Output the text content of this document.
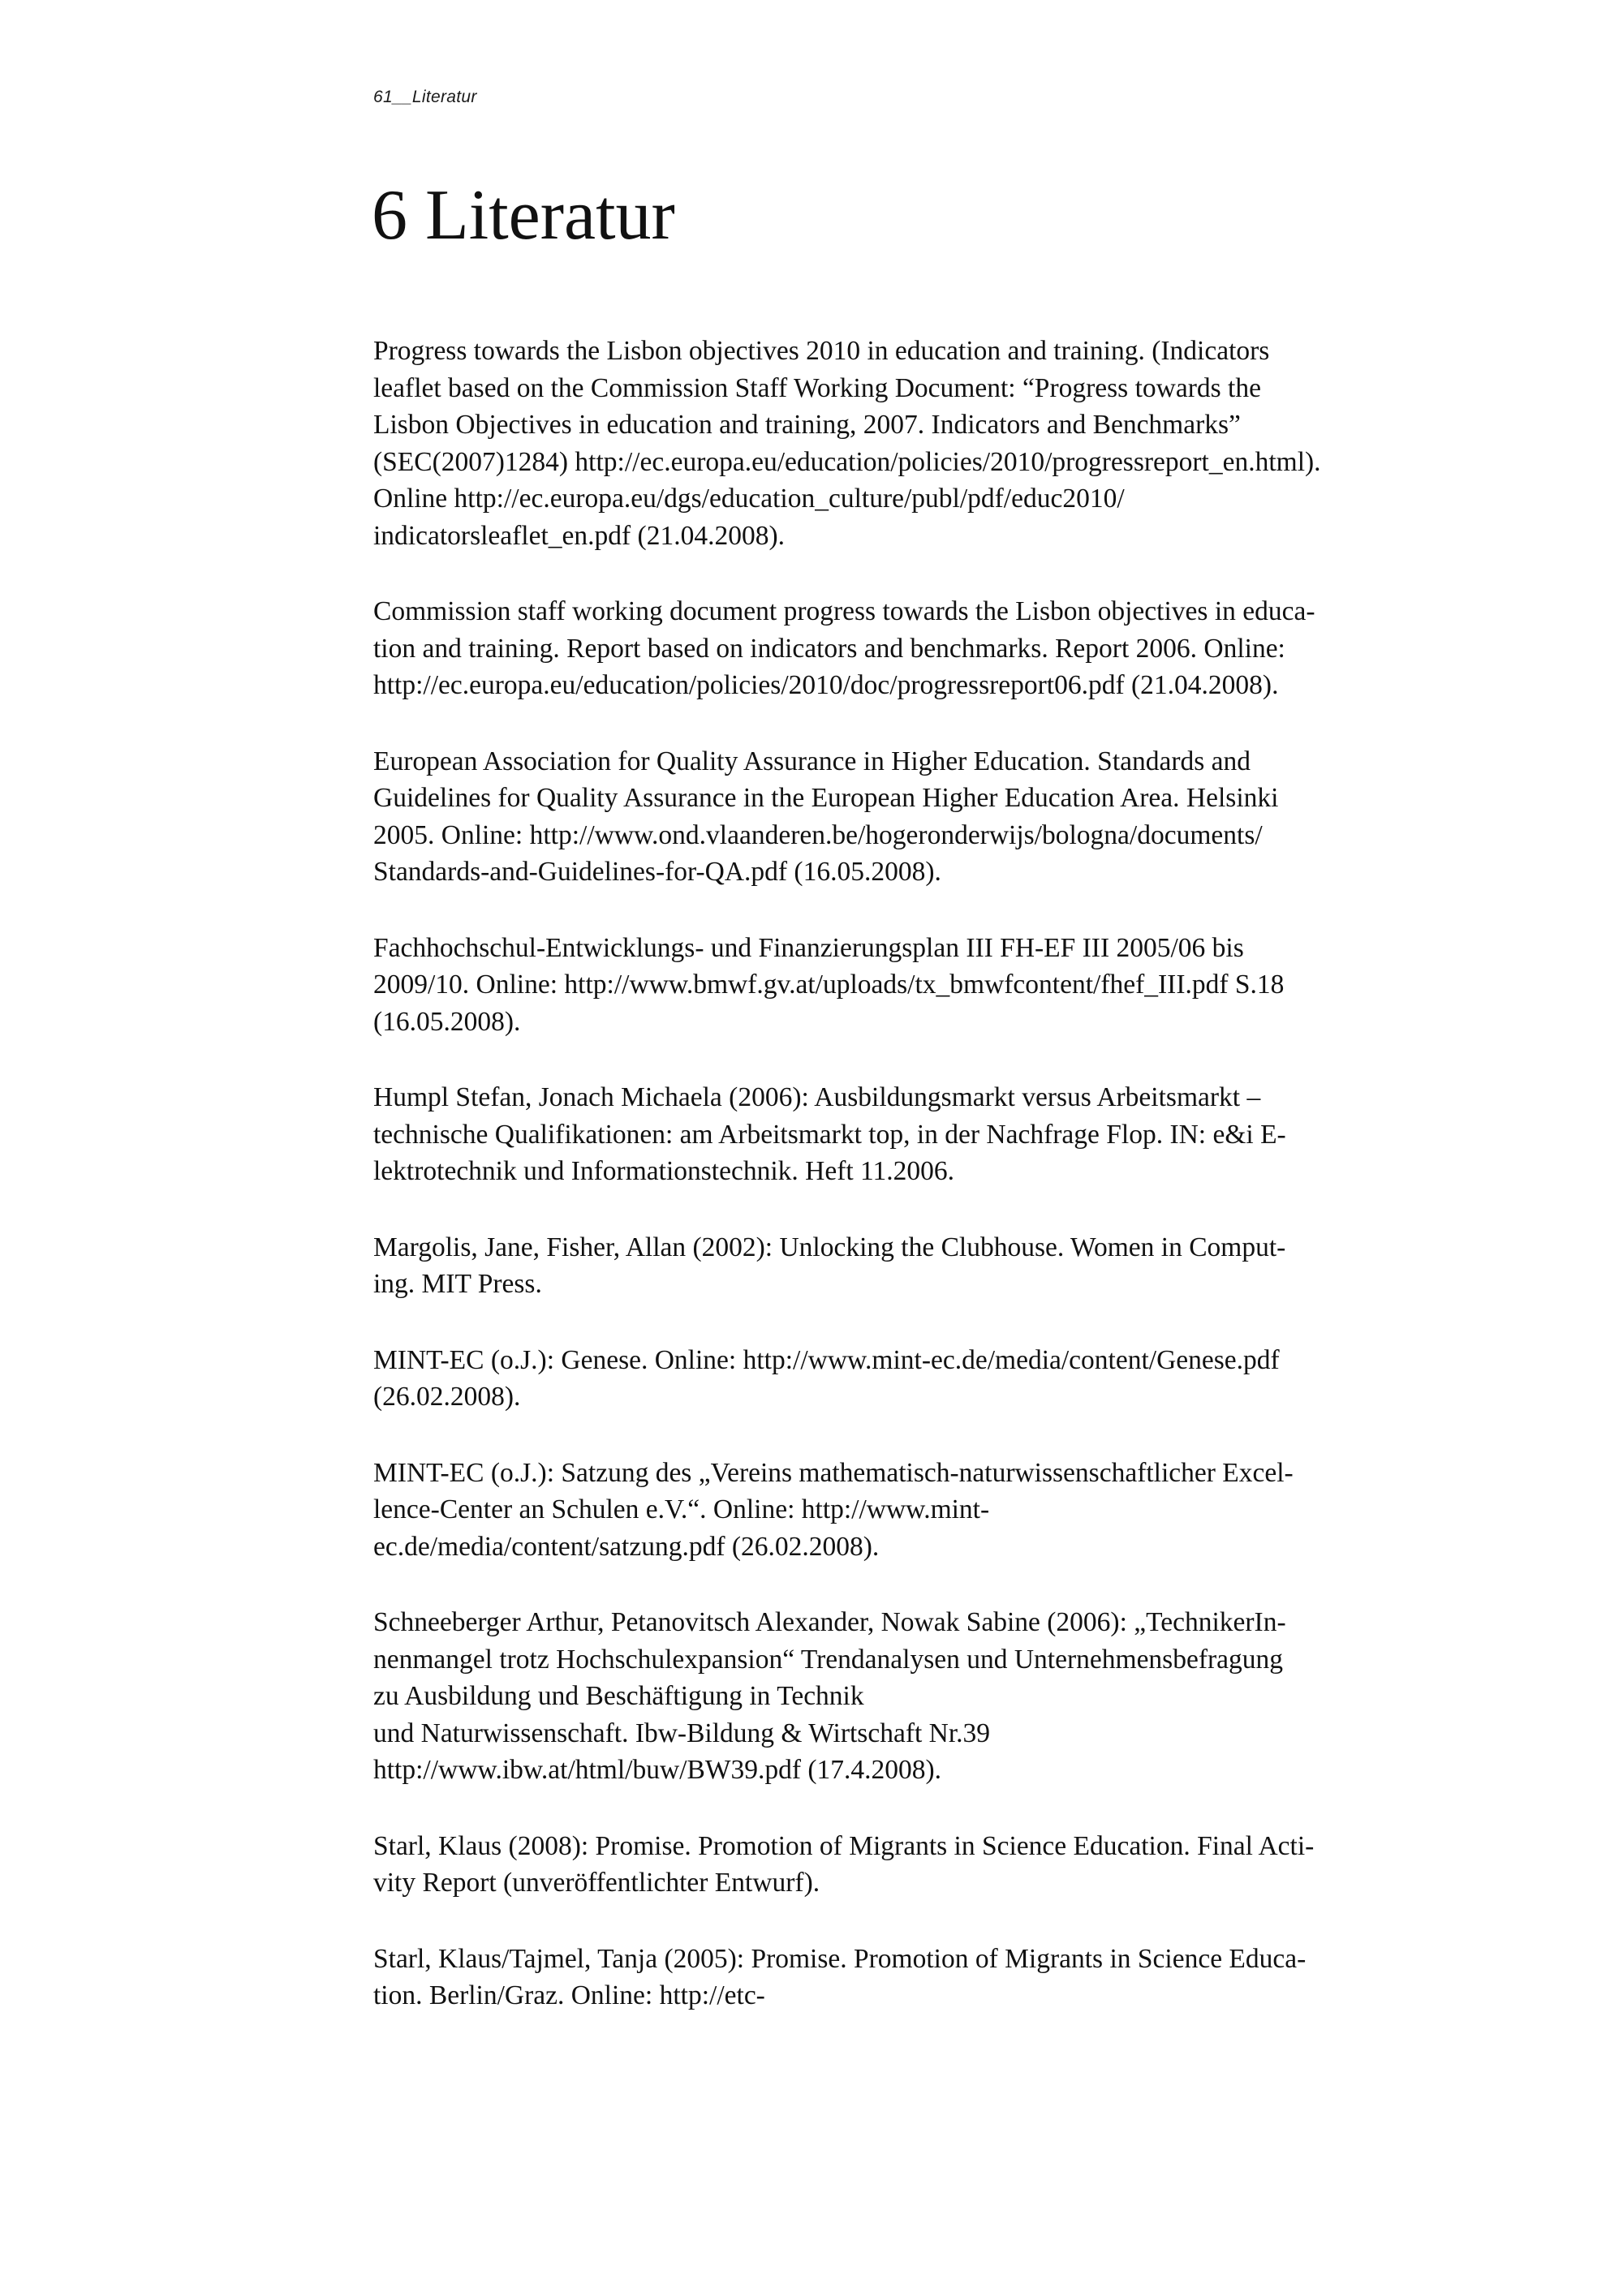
61__Literatur
6 Literatur
Progress towards the Lisbon objectives 2010 in education and training. (Indicators
leaflet based on the Commission Staff Working Document: “Progress towards the
Lisbon Objectives in education and training, 2007. Indicators and Benchmarks”
(SEC(2007)1284) http://ec.europa.eu/education/policies/2010/progressreport_en.html).
Online http://ec.europa.eu/dgs/education_culture/publ/pdf/educ2010/
indicatorsleaflet_en.pdf (21.04.2008).
Commission staff working document progress towards the Lisbon objectives in educa-
tion and training. Report based on indicators and benchmarks. Report 2006. Online:
http://ec.europa.eu/education/policies/2010/doc/progressreport06.pdf (21.04.2008).
European Association for Quality Assurance in Higher Education. Standards and
Guidelines for Quality Assurance in the European Higher Education Area. Helsinki
2005. Online: http://www.ond.vlaanderen.be/hogeronderwijs/bologna/documents/
Standards-and-Guidelines-for-QA.pdf (16.05.2008).
Fachhochschul-Entwicklungs- und Finanzierungsplan III FH-EF III 2005/06 bis
2009/10. Online: http://www.bmwf.gv.at/uploads/tx_bmwfcontent/fhef_III.pdf S.18
(16.05.2008).
Humpl Stefan, Jonach Michaela (2006): Ausbildungsmarkt versus Arbeitsmarkt –
technische Qualifikationen: am Arbeitsmarkt top, in der Nachfrage Flop. IN: e&i E-
lektrotechnik und Informationstechnik. Heft 11.2006.
Margolis, Jane, Fisher, Allan (2002): Unlocking the Clubhouse. Women in Comput-
ing. MIT Press.
MINT-EC (o.J.): Genese. Online: http://www.mint-ec.de/media/content/Genese.pdf
(26.02.2008).
MINT-EC (o.J.): Satzung des „Vereins mathematisch-naturwissenschaftlicher Excel-
lence-Center an Schulen e.V.“. Online: http://www.mint-
ec.de/media/content/satzung.pdf (26.02.2008).
Schneeberger Arthur, Petanovitsch Alexander, Nowak Sabine (2006): „TechnikerIn-
nenmangel trotz Hochschulexpansion“ Trendanalysen und Unternehmensbefragung
zu Ausbildung und Beschäftigung in Technik
und Naturwissenschaft. Ibw-Bildung & Wirtschaft Nr.39
http://www.ibw.at/html/buw/BW39.pdf (17.4.2008).
Starl, Klaus (2008): Promise. Promotion of Migrants in Science Education. Final Acti-
vity Report (unveröffentlichter Entwurf).
Starl, Klaus/Tajmel, Tanja (2005): Promise. Promotion of Migrants in Science Educa-
tion. Berlin/Graz. Online: http://etc-
